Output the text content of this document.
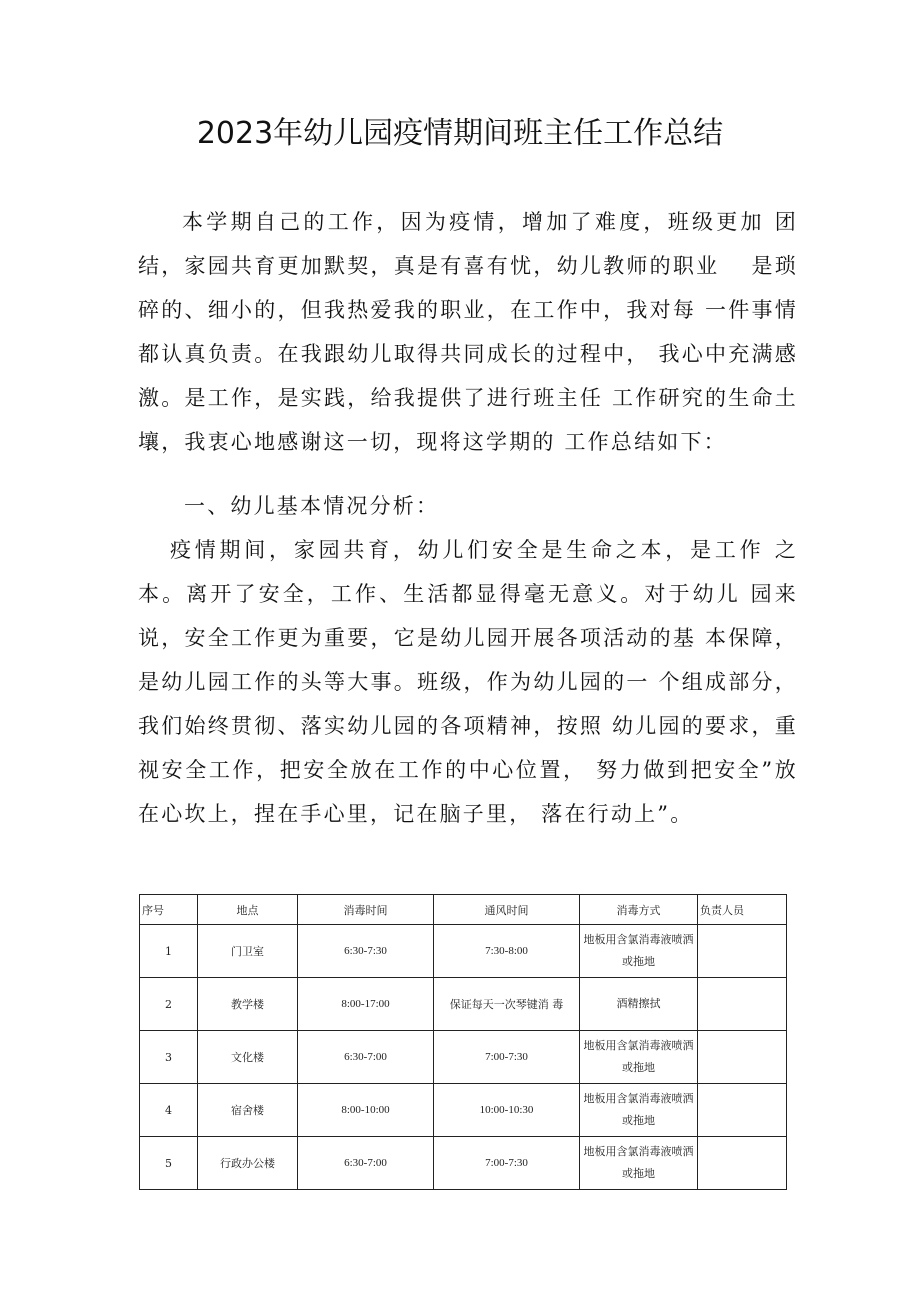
2023年幼儿园疫情期间班主任工作总结

本学期自己的工作，因为疫情，增加了难度，班级更加 团结，家园共育更加默契，真是有喜有忧，幼儿教师的职业　 是琐碎的、细小的，但我热爱我的职业，在工作中，我对每 一件事情都认真负责。在我跟幼儿取得共同成长的过程中， 我心中充满感激。是工作，是实践，给我提供了进行班主任 工作研究的生命土壤，我衷心地感谢这一切，现将这学期的 工作总结如下：

一、幼儿基本情况分析：

疫情期间，家园共育，幼儿们安全是生命之本，是工作 之本。离开了安全，工作、生活都显得毫无意义。对于幼儿 园来说，安全工作更为重要，它是幼儿园开展各项活动的基 本保障，是幼儿园工作的头等大事。班级，作为幼儿园的一 个组成部分，我们始终贯彻、落实幼儿园的各项精神，按照 幼儿园的要求，重视安全工作，把安全放在工作的中心位置， 努力做到把安全”放在心坎上，捏在手心里，记在脑子里， 落在行动上”。

序号	地点	消毒时间	通风时间	消毒方式	负责人员
1	门卫室	6:30-7:30	7:30-8:00	地板用含氯消毒液喷洒或拖地	
2	教学楼	8:00-17:00	保证每天一次琴键消 毒	酒精擦拭	
3	文化楼	6:30-7:00	7:00-7:30	地板用含氯消毒液喷洒或拖地	
4	宿舍楼	8:00-10:00	10:00-10:30	地板用含氯消毒液喷洒或拖地	
5	行政办公楼	6:30-7:00	7:00-7:30	地板用含氯消毒液喷洒或拖地	
